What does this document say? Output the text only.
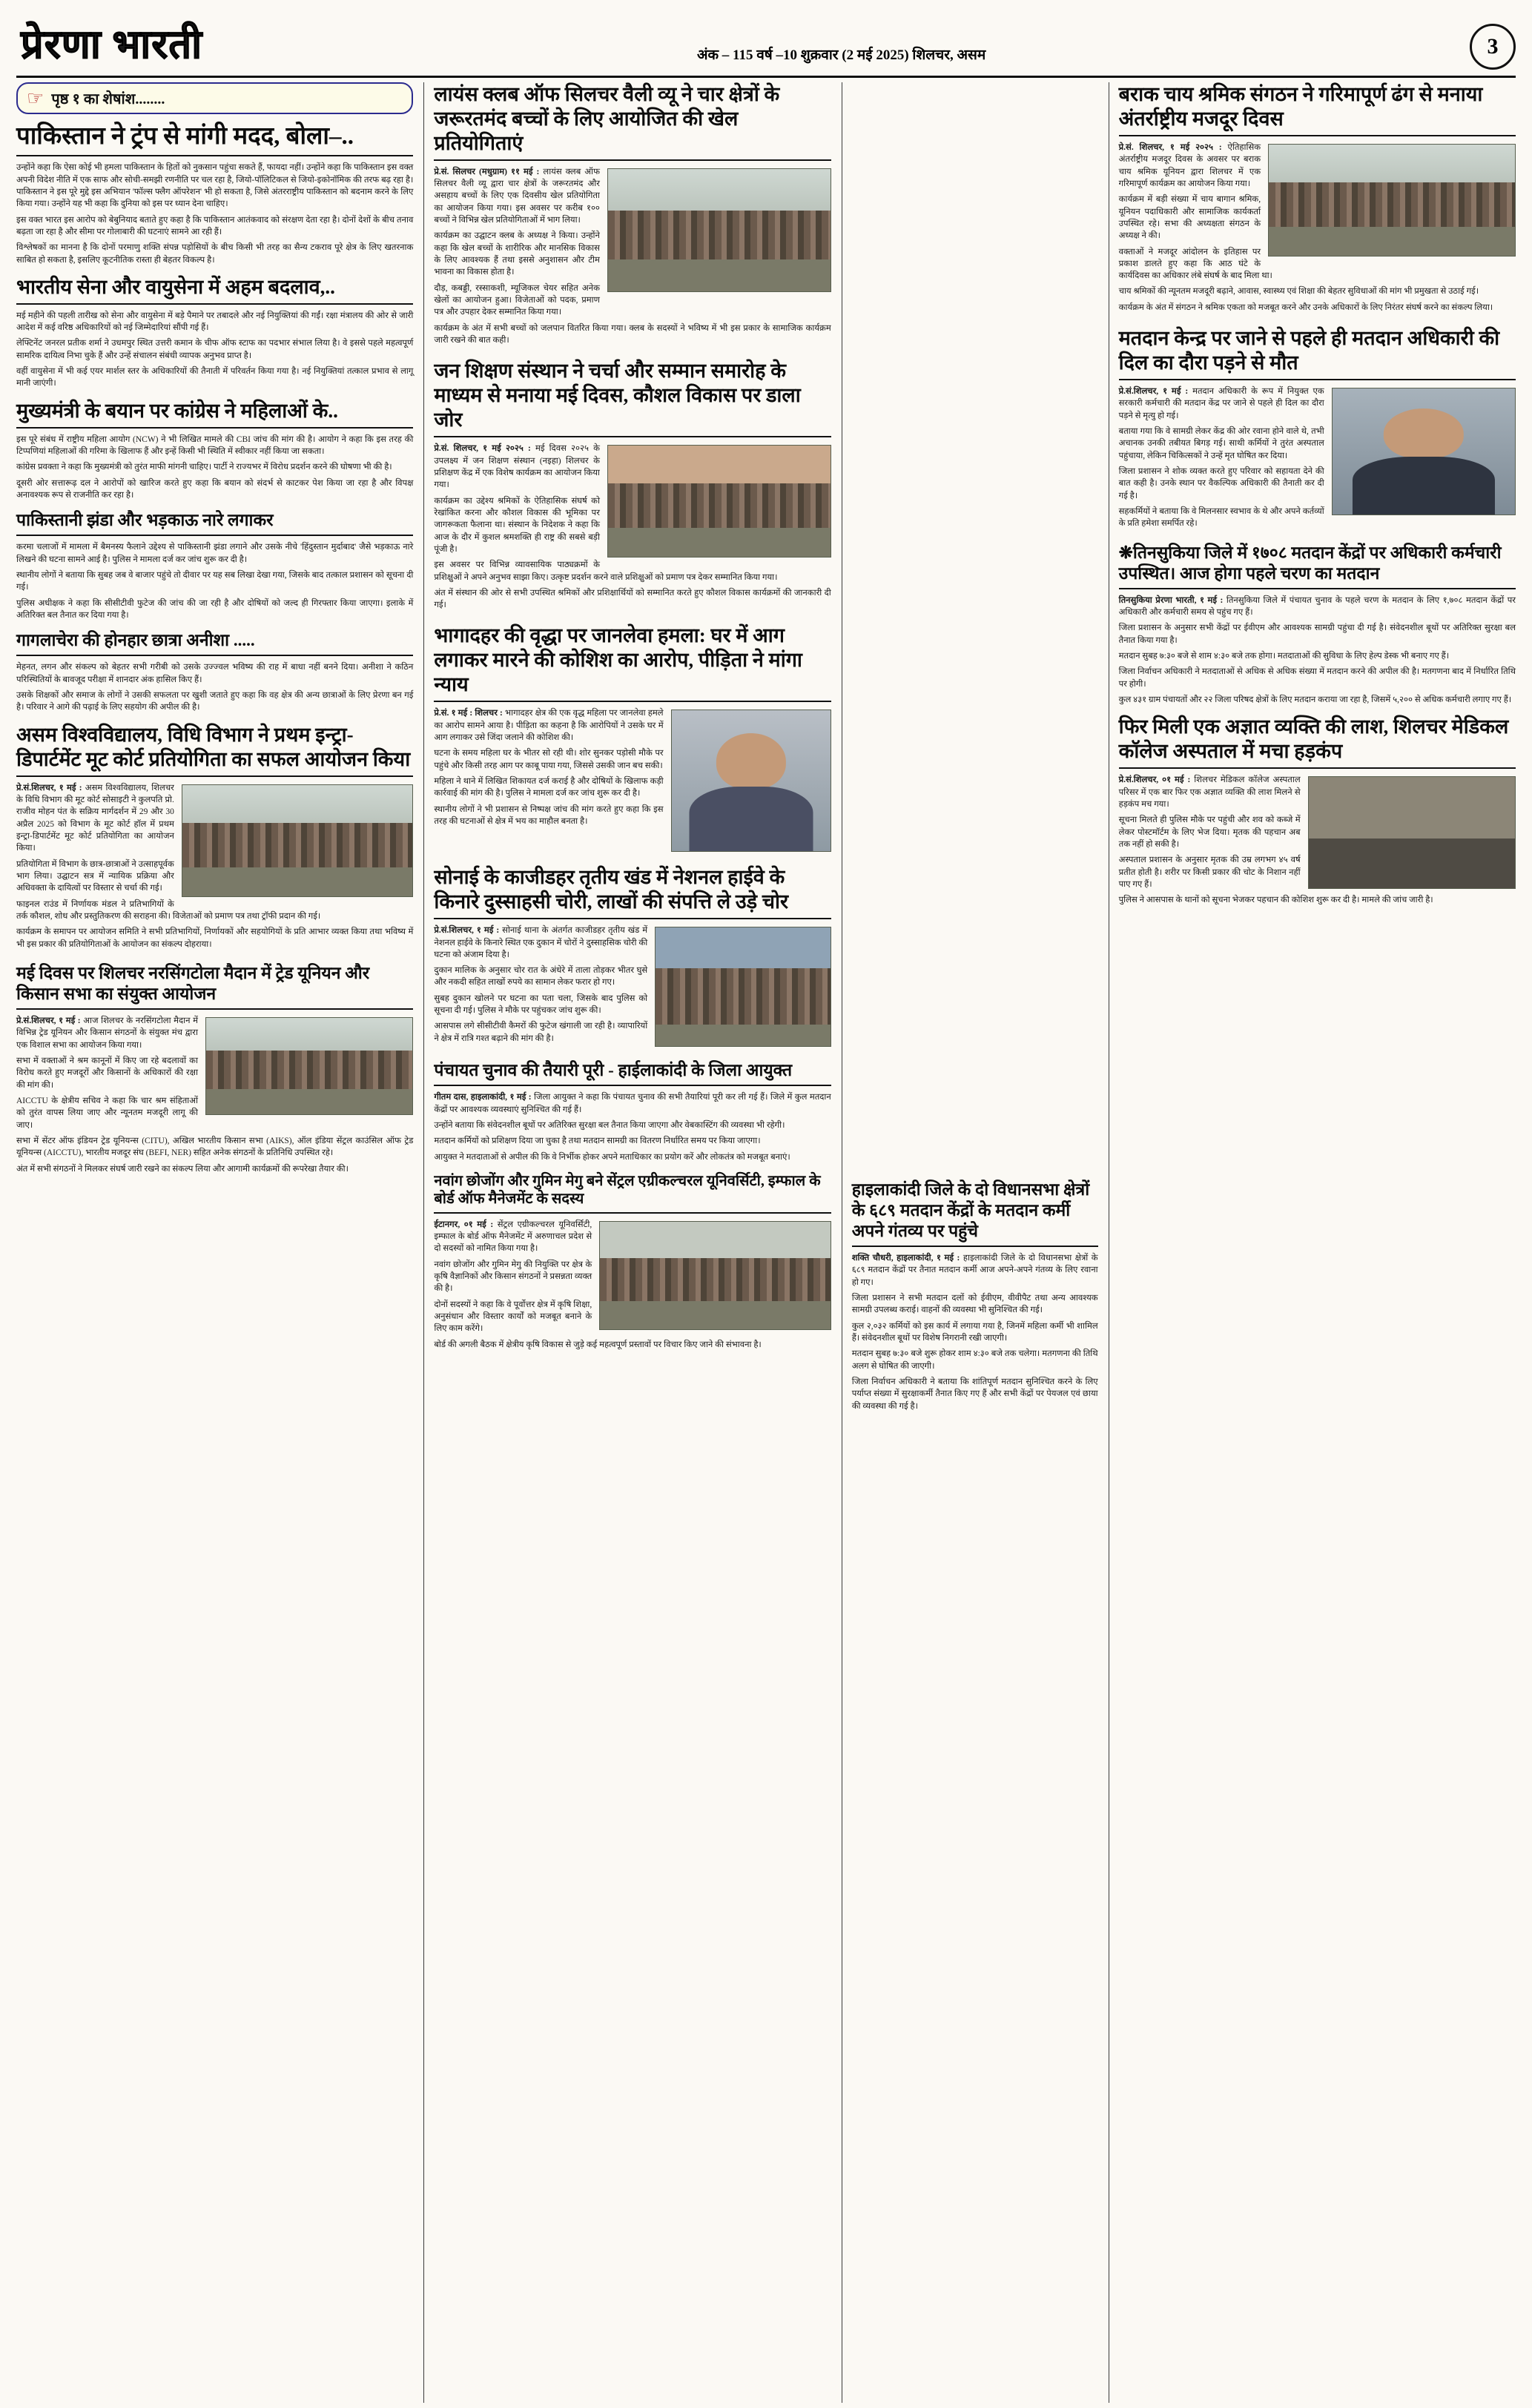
प्रेरणा भारती	अंक – 115 वर्ष –10 शुक्रवार (2 मई 2025) शिलचर, असम	3
☞ पृष्ठ १ का शेषांश........
पाकिस्तान ने ट्रंप से मांगी मदद, बोला–..

उन्होंने कहा कि ऐसा कोई भी हमला पाकिस्तान के हितों को नुकसान पहुंचा सकते हैं, फायदा नहीं। उन्होंने कहा कि पाकिस्तान इस वक्त अपनी विदेश नीति में एक साफ और सोची-समझी रणनीति पर चल रहा है, जियो-पॉलिटिकल से जियो-इकोनॉमिक की तरफ बढ़ रहा है। पाकिस्तान ने इस पूरे मुद्दे इस अभियान 'फॉल्स फ्लैग ऑपरेशन' भी हो सकता है, जिसे अंतरराष्ट्रीय पाकिस्तान को बदनाम करने के लिए किया गया। उन्होंने यह भी कहा कि दुनिया को इस पर ध्यान देना चाहिए।

इस वक्त भारत इस आरोप को बेबुनियाद बताते हुए कहा है कि पाकिस्तान आतंकवाद को संरक्षण देता रहा है। दोनों देशों के बीच तनाव बढ़ता जा रहा है और सीमा पर गोलाबारी की घटनाएं सामने आ रही हैं।

विश्लेषकों का मानना है कि दोनों परमाणु शक्ति संपन्न पड़ोसियों के बीच किसी भी तरह का सैन्य टकराव पूरे क्षेत्र के लिए खतरनाक साबित हो सकता है, इसलिए कूटनीतिक रास्ता ही बेहतर विकल्प है।

भारतीय सेना और वायुसेना में अहम बदलाव,..

मई महीने की पहली तारीख को सेना और वायुसेना में बड़े पैमाने पर तबादले और नई नियुक्तियां की गईं। रक्षा मंत्रालय की ओर से जारी आदेश में कई वरिष्ठ अधिकारियों को नई जिम्मेदारियां सौंपी गई हैं।

लेफ्टिनेंट जनरल प्रतीक शर्मा ने उधमपुर स्थित उत्तरी कमान के चीफ ऑफ स्टाफ का पदभार संभाल लिया है। वे इससे पहले महत्वपूर्ण सामरिक दायित्व निभा चुके हैं और उन्हें संचालन संबंधी व्यापक अनुभव प्राप्त है।

वहीं वायुसेना में भी कई एयर मार्शल स्तर के अधिकारियों की तैनाती में परिवर्तन किया गया है। नई नियुक्तियां तत्काल प्रभाव से लागू मानी जाएंगी।

मुख्यमंत्री के बयान पर कांग्रेस ने महिलाओं के..

इस पूरे संबंध में राष्ट्रीय महिला आयोग (NCW) ने भी लिखित मामले की CBI जांच की मांग की है। आयोग ने कहा कि इस तरह की टिप्पणियां महिलाओं की गरिमा के खिलाफ हैं और इन्हें किसी भी स्थिति में स्वीकार नहीं किया जा सकता।

कांग्रेस प्रवक्ता ने कहा कि मुख्यमंत्री को तुरंत माफी मांगनी चाहिए। पार्टी ने राज्यभर में विरोध प्रदर्शन करने की घोषणा भी की है।

दूसरी ओर सत्तारूढ़ दल ने आरोपों को खारिज करते हुए कहा कि बयान को संदर्भ से काटकर पेश किया जा रहा है और विपक्ष अनावश्यक रूप से राजनीति कर रहा है।

पाकिस्तानी झंडा और भड़काऊ नारे लगाकर

करमा चलाजों में मामला में बैमनस्य फैलाने उद्देश्य से पाकिस्तानी झंडा लगाने और उसके नीचे 'हिंदुस्तान मुर्दाबाद' जैसे भड़काऊ नारे लिखने की घटना सामने आई है। पुलिस ने मामला दर्ज कर जांच शुरू कर दी है।

स्थानीय लोगों ने बताया कि सुबह जब वे बाजार पहुंचे तो दीवार पर यह सब लिखा देखा गया, जिसके बाद तत्काल प्रशासन को सूचना दी गई।

पुलिस अधीक्षक ने कहा कि सीसीटीवी फुटेज की जांच की जा रही है और दोषियों को जल्द ही गिरफ्तार किया जाएगा। इलाके में अतिरिक्त बल तैनात कर दिया गया है।

गागलाचेरा की होनहार छात्रा अनीशा .....

मेहनत, लगन और संकल्प को बेहतर सभी गरीबी को उसके उज्ज्वल भविष्य की राह में बाधा नहीं बनने दिया। अनीशा ने कठिन परिस्थितियों के बावजूद परीक्षा में शानदार अंक हासिल किए हैं।

उसके शिक्षकों और समाज के लोगों ने उसकी सफलता पर खुशी जताते हुए कहा कि वह क्षेत्र की अन्य छात्राओं के लिए प्रेरणा बन गई है। परिवार ने आगे की पढ़ाई के लिए सहयोग की अपील की है।

असम विश्वविद्यालय, विधि विभाग ने प्रथम इन्ट्रा-डिपार्टमेंट मूट कोर्ट प्रतियोगिता का सफल आयोजन किया

प्रे.सं.शिलचर, १ मई : असम विश्वविद्यालय, शिलचर के विधि विभाग की मूट कोर्ट सोसाइटी ने कुलपति प्रो. राजीव मोहन पंत के सक्रिय मार्गदर्शन में 29 और 30 अप्रैल 2025 को विभाग के मूट कोर्ट हॉल में प्रथम इन्ट्रा-डिपार्टमेंट मूट कोर्ट प्रतियोगिता का आयोजन किया।

प्रतियोगिता में विभाग के छात्र-छात्राओं ने उत्साहपूर्वक भाग लिया। उद्घाटन सत्र में न्यायिक प्रक्रिया और अधिवक्ता के दायित्वों पर विस्तार से चर्चा की गई।

फाइनल राउंड में निर्णायक मंडल ने प्रतिभागियों के तर्क कौशल, शोध और प्रस्तुतिकरण की सराहना की। विजेताओं को प्रमाण पत्र तथा ट्रॉफी प्रदान की गई।

कार्यक्रम के समापन पर आयोजन समिति ने सभी प्रतिभागियों, निर्णायकों और सहयोगियों के प्रति आभार व्यक्त किया तथा भविष्य में भी इस प्रकार की प्रतियोगिताओं के आयोजन का संकल्प दोहराया।

मई दिवस पर शिलचर नरसिंगटोला मैदान में ट्रेड यूनियन और किसान सभा का संयुक्त आयोजन

प्रे.सं.शिलचर, १ मई : आज शिलचर के नरसिंगटोला मैदान में विभिन्न ट्रेड यूनियन और किसान संगठनों के संयुक्त मंच द्वारा एक विशाल सभा का आयोजन किया गया।

सभा में वक्ताओं ने श्रम कानूनों में किए जा रहे बदलावों का विरोध करते हुए मजदूरों और किसानों के अधिकारों की रक्षा की मांग की।

AICCTU के क्षेत्रीय सचिव ने कहा कि चार श्रम संहिताओं को तुरंत वापस लिया जाए और न्यूनतम मजदूरी लागू की जाए।

सभा में सेंटर ऑफ इंडियन ट्रेड यूनियन्स (CITU), अखिल भारतीय किसान सभा (AIKS), ऑल इंडिया सेंट्रल काउंसिल ऑफ ट्रेड यूनियन्स (AICCTU), भारतीय मजदूर संघ (BEFI, NER) सहित अनेक संगठनों के प्रतिनिधि उपस्थित रहे।

अंत में सभी संगठनों ने मिलकर संघर्ष जारी रखने का संकल्प लिया और आगामी कार्यक्रमों की रूपरेखा तैयार की।

लायंस क्लब ऑफ सिलचर वैली व्यू ने चार क्षेत्रों के जरूरतमंद बच्चों के लिए आयोजित की खेल प्रतियोगिताएं

प्रे.सं. सिलचर (मधुग्राम) ११ मई : लायंस क्लब ऑफ सिलचर वैली व्यू द्वारा चार क्षेत्रों के जरूरतमंद और असहाय बच्चों के लिए एक दिवसीय खेल प्रतियोगिता का आयोजन किया गया। इस अवसर पर करीब १०० बच्चों ने विभिन्न खेल प्रतियोगिताओं में भाग लिया।

कार्यक्रम का उद्घाटन क्लब के अध्यक्ष ने किया। उन्होंने कहा कि खेल बच्चों के शारीरिक और मानसिक विकास के लिए आवश्यक हैं तथा इससे अनुशासन और टीम भावना का विकास होता है।

दौड़, कबड्डी, रस्साकशी, म्यूजिकल चेयर सहित अनेक खेलों का आयोजन हुआ। विजेताओं को पदक, प्रमाण पत्र और उपहार देकर सम्मानित किया गया।

कार्यक्रम के अंत में सभी बच्चों को जलपान वितरित किया गया। क्लब के सदस्यों ने भविष्य में भी इस प्रकार के सामाजिक कार्यक्रम जारी रखने की बात कही।

जन शिक्षण संस्थान ने चर्चा और सम्मान समारोह के माध्यम से मनाया मई दिवस, कौशल विकास पर डाला जोर

प्रे.सं. शिलचर, १ मई २०२५ : मई दिवस २०२५ के उपलक्ष्य में जन शिक्षण संस्थान (नइहा) शिलचर के प्रशिक्षण केंद्र में एक विशेष कार्यक्रम का आयोजन किया गया।

कार्यक्रम का उद्देश्य श्रमिकों के ऐतिहासिक संघर्ष को रेखांकित करना और कौशल विकास की भूमिका पर जागरूकता फैलाना था। संस्थान के निदेशक ने कहा कि आज के दौर में कुशल श्रमशक्ति ही राष्ट्र की सबसे बड़ी पूंजी है।

इस अवसर पर विभिन्न व्यावसायिक पाठ्यक्रमों के प्रशिक्षुओं ने अपने अनुभव साझा किए। उत्कृष्ट प्रदर्शन करने वाले प्रशिक्षुओं को प्रमाण पत्र देकर सम्मानित किया गया।

अंत में संस्थान की ओर से सभी उपस्थित श्रमिकों और प्रशिक्षार्थियों को सम्मानित करते हुए कौशल विकास कार्यक्रमों की जानकारी दी गई।

भागादहर की वृद्धा पर जानलेवा हमला: घर में आग लगाकर मारने की कोशिश का आरोप, पीड़िता ने मांगा न्याय

प्रे.सं. १ मई : शिलचर : भागादहर क्षेत्र की एक वृद्ध महिला पर जानलेवा हमले का आरोप सामने आया है। पीड़िता का कहना है कि आरोपियों ने उसके घर में आग लगाकर उसे जिंदा जलाने की कोशिश की।

घटना के समय महिला घर के भीतर सो रही थी। शोर सुनकर पड़ोसी मौके पर पहुंचे और किसी तरह आग पर काबू पाया गया, जिससे उसकी जान बच सकी।

महिला ने थाने में लिखित शिकायत दर्ज कराई है और दोषियों के खिलाफ कड़ी कार्रवाई की मांग की है। पुलिस ने मामला दर्ज कर जांच शुरू कर दी है।

स्थानीय लोगों ने भी प्रशासन से निष्पक्ष जांच की मांग करते हुए कहा कि इस तरह की घटनाओं से क्षेत्र में भय का माहौल बनता है।

सोनाई के काजीडहर तृतीय खंड में नेशनल हाईवे के किनारे दुस्साहसी चोरी, लाखों की संपत्ति ले उड़े चोर

प्रे.सं.शिलचर, १ मई : सोनाई थाना के अंतर्गत काजीडहर तृतीय खंड में नेशनल हाईवे के किनारे स्थित एक दुकान में चोरों ने दुस्साहसिक चोरी की घटना को अंजाम दिया है।

दुकान मालिक के अनुसार चोर रात के अंधेरे में ताला तोड़कर भीतर घुसे और नकदी सहित लाखों रुपये का सामान लेकर फरार हो गए।

सुबह दुकान खोलने पर घटना का पता चला, जिसके बाद पुलिस को सूचना दी गई। पुलिस ने मौके पर पहुंचकर जांच शुरू की।

आसपास लगे सीसीटीवी कैमरों की फुटेज खंगाली जा रही है। व्यापारियों ने क्षेत्र में रात्रि गश्त बढ़ाने की मांग की है।

पंचायत चुनाव की तैयारी पूरी - हाईलाकांदी के जिला आयुक्त

गीतम दास, हाइलाकांदी, १ मई : जिला आयुक्त ने कहा कि पंचायत चुनाव की सभी तैयारियां पूरी कर ली गई हैं। जिले में कुल मतदान केंद्रों पर आवश्यक व्यवस्थाएं सुनिश्चित की गई हैं।

उन्होंने बताया कि संवेदनशील बूथों पर अतिरिक्त सुरक्षा बल तैनात किया जाएगा और वेबकास्टिंग की व्यवस्था भी रहेगी।

मतदान कर्मियों को प्रशिक्षण दिया जा चुका है तथा मतदान सामग्री का वितरण निर्धारित समय पर किया जाएगा।

आयुक्त ने मतदाताओं से अपील की कि वे निर्भीक होकर अपने मताधिकार का प्रयोग करें और लोकतंत्र को मजबूत बनाएं।

नवांग छोजोंग और गुमिन मेगु बने सेंट्रल एग्रीकल्चरल यूनिवर्सिटी, इम्फाल के बोर्ड ऑफ मैनेजमेंट के सदस्य

ईटानगर, ०१ मई : सेंट्रल एग्रीकल्चरल यूनिवर्सिटी, इम्फाल के बोर्ड ऑफ मैनेजमेंट में अरुणाचल प्रदेश से दो सदस्यों को नामित किया गया है।

नवांग छोजोंग और गुमिन मेगु की नियुक्ति पर क्षेत्र के कृषि वैज्ञानिकों और किसान संगठनों ने प्रसन्नता व्यक्त की है।

दोनों सदस्यों ने कहा कि वे पूर्वोत्तर क्षेत्र में कृषि शिक्षा, अनुसंधान और विस्तार कार्यों को मजबूत बनाने के लिए काम करेंगे।

बोर्ड की अगली बैठक में क्षेत्रीय कृषि विकास से जुड़े कई महत्वपूर्ण प्रस्तावों पर विचार किए जाने की संभावना है।

हाइलाकांदी जिले के दो विधानसभा क्षेत्रों के ६८९ मतदान केंद्रों के मतदान कर्मी अपने गंतव्य पर पहुंचे

शक्ति चौधरी, हाइलाकांदी, १ मई : हाइलाकांदी जिले के दो विधानसभा क्षेत्रों के ६८९ मतदान केंद्रों पर तैनात मतदान कर्मी आज अपने-अपने गंतव्य के लिए रवाना हो गए।

जिला प्रशासन ने सभी मतदान दलों को ईवीएम, वीवीपैट तथा अन्य आवश्यक सामग्री उपलब्ध कराई। वाहनों की व्यवस्था भी सुनिश्चित की गई।

कुल २,०३२ कर्मियों को इस कार्य में लगाया गया है, जिनमें महिला कर्मी भी शामिल हैं। संवेदनशील बूथों पर विशेष निगरानी रखी जाएगी।

मतदान सुबह ७:३० बजे शुरू होकर शाम ४:३० बजे तक चलेगा। मतगणना की तिथि अलग से घोषित की जाएगी।

जिला निर्वाचन अधिकारी ने बताया कि शांतिपूर्ण मतदान सुनिश्चित करने के लिए पर्याप्त संख्या में सुरक्षाकर्मी तैनात किए गए हैं और सभी केंद्रों पर पेयजल एवं छाया की व्यवस्था की गई है।

बराक चाय श्रमिक संगठन ने गरिमापूर्ण ढंग से मनाया अंतर्राष्ट्रीय मजदूर दिवस

प्रे.सं. शिलचर, १ मई २०२५ : ऐतिहासिक अंतर्राष्ट्रीय मजदूर दिवस के अवसर पर बराक चाय श्रमिक यूनियन द्वारा शिलचर में एक गरिमापूर्ण कार्यक्रम का आयोजन किया गया।

कार्यक्रम में बड़ी संख्या में चाय बागान श्रमिक, यूनियन पदाधिकारी और सामाजिक कार्यकर्ता उपस्थित रहे। सभा की अध्यक्षता संगठन के अध्यक्ष ने की।

वक्ताओं ने मजदूर आंदोलन के इतिहास पर प्रकाश डालते हुए कहा कि आठ घंटे के कार्यदिवस का अधिकार लंबे संघर्ष के बाद मिला था।

चाय श्रमिकों की न्यूनतम मजदूरी बढ़ाने, आवास, स्वास्थ्य एवं शिक्षा की बेहतर सुविधाओं की मांग भी प्रमुखता से उठाई गई।

कार्यक्रम के अंत में संगठन ने श्रमिक एकता को मजबूत करने और उनके अधिकारों के लिए निरंतर संघर्ष करने का संकल्प लिया।

मतदान केन्द्र पर जाने से पहले ही मतदान अधिकारी की दिल का दौरा पड़ने से मौत

प्रे.सं.शिलचर, १ मई : मतदान अधिकारी के रूप में नियुक्त एक सरकारी कर्मचारी की मतदान केंद्र पर जाने से पहले ही दिल का दौरा पड़ने से मृत्यु हो गई।

बताया गया कि वे सामग्री लेकर केंद्र की ओर रवाना होने वाले थे, तभी अचानक उनकी तबीयत बिगड़ गई। साथी कर्मियों ने तुरंत अस्पताल पहुंचाया, लेकिन चिकित्सकों ने उन्हें मृत घोषित कर दिया।

जिला प्रशासन ने शोक व्यक्त करते हुए परिवार को सहायता देने की बात कही है। उनके स्थान पर वैकल्पिक अधिकारी की तैनाती कर दी गई है।

सहकर्मियों ने बताया कि वे मिलनसार स्वभाव के थे और अपने कर्तव्यों के प्रति हमेशा समर्पित रहे।

❋तिनसुकिया जिले में १७०८ मतदान केंद्रों पर अधिकारी कर्मचारी उपस्थित। आज होगा पहले चरण का मतदान

तिनसुकिया प्रेरणा भारती, १ मई : तिनसुकिया जिले में पंचायत चुनाव के पहले चरण के मतदान के लिए १,७०८ मतदान केंद्रों पर अधिकारी और कर्मचारी समय से पहुंच गए हैं।

जिला प्रशासन के अनुसार सभी केंद्रों पर ईवीएम और आवश्यक सामग्री पहुंचा दी गई है। संवेदनशील बूथों पर अतिरिक्त सुरक्षा बल तैनात किया गया है।

मतदान सुबह ७:३० बजे से शाम ४:३० बजे तक होगा। मतदाताओं की सुविधा के लिए हेल्प डेस्क भी बनाए गए हैं।

जिला निर्वाचन अधिकारी ने मतदाताओं से अधिक से अधिक संख्या में मतदान करने की अपील की है। मतगणना बाद में निर्धारित तिथि पर होगी।

कुल ४३१ ग्राम पंचायतों और २२ जिला परिषद क्षेत्रों के लिए मतदान कराया जा रहा है, जिसमें ५,२०० से अधिक कर्मचारी लगाए गए हैं।

फिर मिली एक अज्ञात व्यक्ति की लाश, शिलचर मेडिकल कॉलेज अस्पताल में मचा हड़कंप

प्रे.सं.शिलचर, ०१ मई : शिलचर मेडिकल कॉलेज अस्पताल परिसर में एक बार फिर एक अज्ञात व्यक्ति की लाश मिलने से हड़कंप मच गया।

सूचना मिलते ही पुलिस मौके पर पहुंची और शव को कब्जे में लेकर पोस्टमॉर्टम के लिए भेज दिया। मृतक की पहचान अब तक नहीं हो सकी है।

अस्पताल प्रशासन के अनुसार मृतक की उम्र लगभग ४५ वर्ष प्रतीत होती है। शरीर पर किसी प्रकार की चोट के निशान नहीं पाए गए हैं।

पुलिस ने आसपास के थानों को सूचना भेजकर पहचान की कोशिश शुरू कर दी है। मामले की जांच जारी है।
